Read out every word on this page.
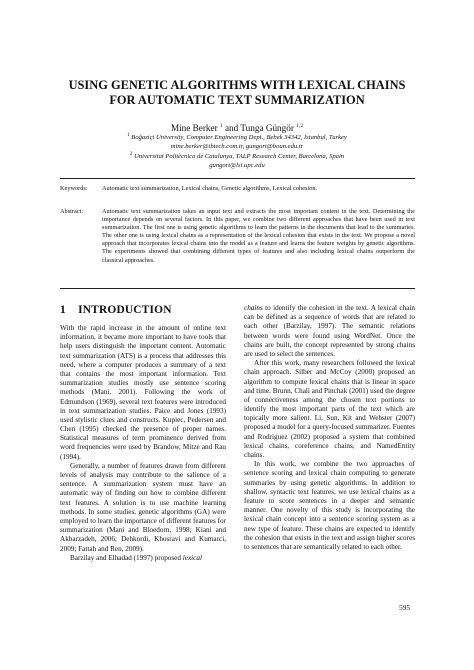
USING GENETIC ALGORITHMS WITH LEXICAL CHAINS
FOR AUTOMATIC TEXT SUMMARIZATION
Mine Berker $^1$ and Tunga Güngör $^{1,2}$
$^1$ Boğaziçi University, Computer Engineering Dept., Bebek 34342, Istanbul, Turkey
mine.berker@ibtech.com.tr, gungort@boun.edu.tr
$^2$ Universitat Politècnica de Catalunya, TALP Research Center, Barcelona, Spain
gungort@lsi.upc.edu
Keywords: Automatic text summarization, Lexical chains, Genetic algorithms, Lexical cohesion.
Abstract:	Automatic text summarization takes an input text and extracts the most important content in the text. Determining the importance depends on several factors. In this paper, we combine two different approaches that have been used in text summarization. The first one is using genetic algorithms to learn the patterns in the documents that lead to the summaries. The other one is using lexical chains as a representation of the lexical cohesion that exists in the text. We propose a novel approach that incorporates lexical chains into the model as a feature and learns the feature weights by genetic algorithms. The experiments showed that combining different types of features and also including lexical chains outperform the classical approaches.
1 INTRODUCTION

With the rapid increase in the amount of online text information, it became more important to have tools that help users distinguish the important content. Automatic text summarization (ATS) is a process that addresses this need, where a computer produces a summary of a text that contains the most important information. Text summarization studies mostly use sentence scoring methods (Mani, 2001). Following the work of Edmundson (1969), several text features were introduced in text summarization studies. Paice and Jones (1993) used stylistic clues and constructs. Kupiec, Pedersen and Chen (1995) checked the presence of proper names. Statistical measures of term prominence derived from word frequencies were used by Brandow, Mitze and Rau (1994).

Generally, a number of features drawn from different levels of analysis may contribute to the salience of a sentence. A summarization system must have an automatic way of finding out how to combine different text features. A solution is to use machine learning methods. In some studies, genetic algorithms (GA) were employed to learn the importance of different features for summarization (Mani and Bloedorn, 1998; Kiani and Akbarzadeh, 2006; Dehkordi, Khosravi and Kumarci, 2009; Fattah and Ren, 2009).

Barzilay and Elhadad (1997) proposed lexical

chains to identify the cohesion in the text. A lexical chain can be defined as a sequence of words that are related to each other (Barzilay, 1997). The semantic relations between words were found using WordNet. Once the chains are built, the concept represented by strong chains are used to select the sentences.

After this work, many researchers followed the lexical chain approach. Silber and McCoy (2000) proposed an algorithm to compute lexical chains that is linear in space and time. Brunn, Chali and Pinchak (2001) used the degree of connectiveness among the chosen text portions to identify the most important parts of the text which are topically more salient. Li, Sun, Kit and Webster (2007) proposed a model for a query-focused summarizer. Fuentes and Rodriguez (2002) proposed a system that combined lexical chains, coreference chains, and NamedEntity chains.

In this work, we combine the two approaches of sentence scoring and lexical chain computing to generate summaries by using genetic algorithms. In addition to shallow, syntactic text features, we use lexical chains as a feature to score sentences in a deeper and semantic manner. One novelty of this study is incorporating the lexical chain concept into a sentence scoring system as a new type of feature. These chains are expected to identify the cohesion that exists in the text and assign higher scores to sentences that are semantically related to each other.

595
